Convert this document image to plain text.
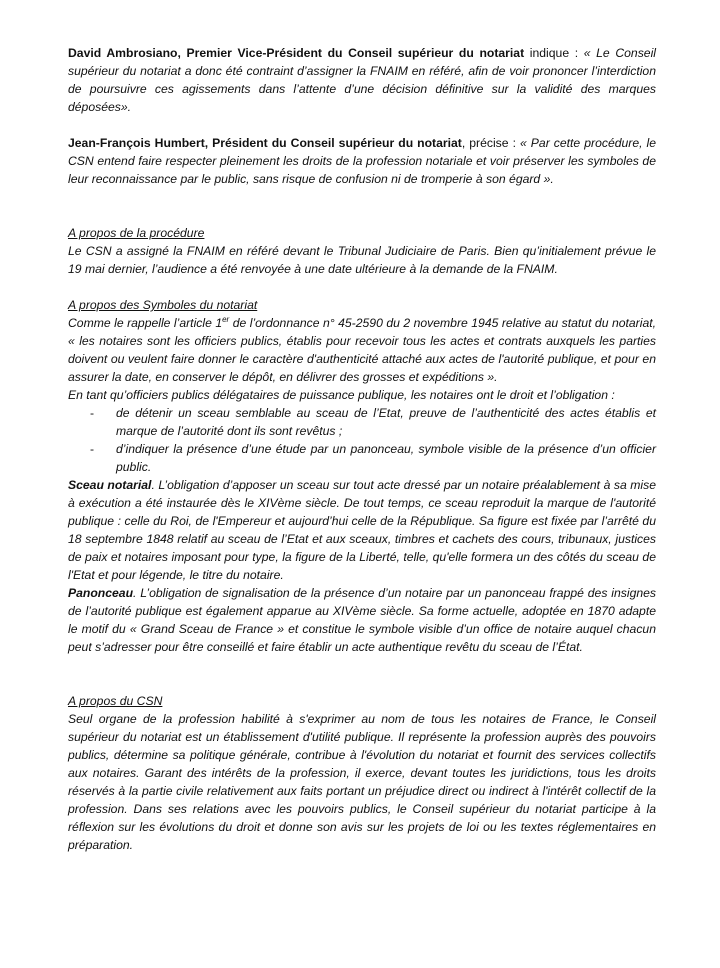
David Ambrosiano, Premier Vice-Président du Conseil supérieur du notariat indique : « Le Conseil supérieur du notariat a donc été contraint d’assigner la FNAIM en référé, afin de voir prononcer l’interdiction de poursuivre ces agissements dans l’attente d’une décision définitive sur la validité des marques déposées».

Jean-François Humbert, Président du Conseil supérieur du notariat, précise : « Par cette procédure, le CSN entend faire respecter pleinement les droits de la profession notariale et voir préserver les symboles de leur reconnaissance par le public, sans risque de confusion ni de tromperie à son égard ».

A propos de la procédure

Le CSN a assigné la FNAIM en référé devant le Tribunal Judiciaire de Paris. Bien qu’initialement prévue le 19 mai dernier, l’audience a été renvoyée à une date ultérieure à la demande de la FNAIM.

A propos des Symboles du notariat

Comme le rappelle l’article 1er de l’ordonnance n° 45-2590 du 2 novembre 1945 relative au statut du notariat, « les notaires sont les officiers publics, établis pour recevoir tous les actes et contrats auxquels les parties doivent ou veulent faire donner le caractère d'authenticité attaché aux actes de l'autorité publique, et pour en assurer la date, en conserver le dépôt, en délivrer des grosses et expéditions ».

En tant qu’officiers publics délégataires de puissance publique, les notaires ont le droit et l’obligation :

- de détenir un sceau semblable au sceau de l’Etat, preuve de l’authenticité des actes établis et marque de l’autorité dont ils sont revêtus ;
- d’indiquer la présence d’une étude par un panonceau, symbole visible de la présence d’un officier public.

Sceau notarial. L’obligation d’apposer un sceau sur tout acte dressé par un notaire préalablement à sa mise à exécution a été instaurée dès le XIVème siècle. De tout temps, ce sceau reproduit la marque de l'autorité publique : celle du Roi, de l'Empereur et aujourd’hui celle de la République. Sa figure est fixée par l’arrêté du 18 septembre 1848 relatif au sceau de l’Etat et aux sceaux, timbres et cachets des cours, tribunaux, justices de paix et notaires imposant pour type, la figure de la Liberté, telle, qu'elle formera un des côtés du sceau de l'Etat et pour légende, le titre du notaire.

Panonceau. L’obligation de signalisation de la présence d’un notaire par un panonceau frappé des insignes de l’autorité publique est également apparue au XIVème siècle. Sa forme actuelle, adoptée en 1870 adapte le motif du « Grand Sceau de France » et constitue le symbole visible d’un office de notaire auquel chacun peut s’adresser pour être conseillé et faire établir un acte authentique revêtu du sceau de l’État.

A propos du CSN

Seul organe de la profession habilité à s'exprimer au nom de tous les notaires de France, le Conseil supérieur du notariat est un établissement d'utilité publique. Il représente la profession auprès des pouvoirs publics, détermine sa politique générale, contribue à l'évolution du notariat et fournit des services collectifs aux notaires. Garant des intérêts de la profession, il exerce, devant toutes les juridictions, tous les droits réservés à la partie civile relativement aux faits portant un préjudice direct ou indirect à l'intérêt collectif de la profession. Dans ses relations avec les pouvoirs publics, le Conseil supérieur du notariat participe à la réflexion sur les évolutions du droit et donne son avis sur les projets de loi ou les textes réglementaires en préparation.
